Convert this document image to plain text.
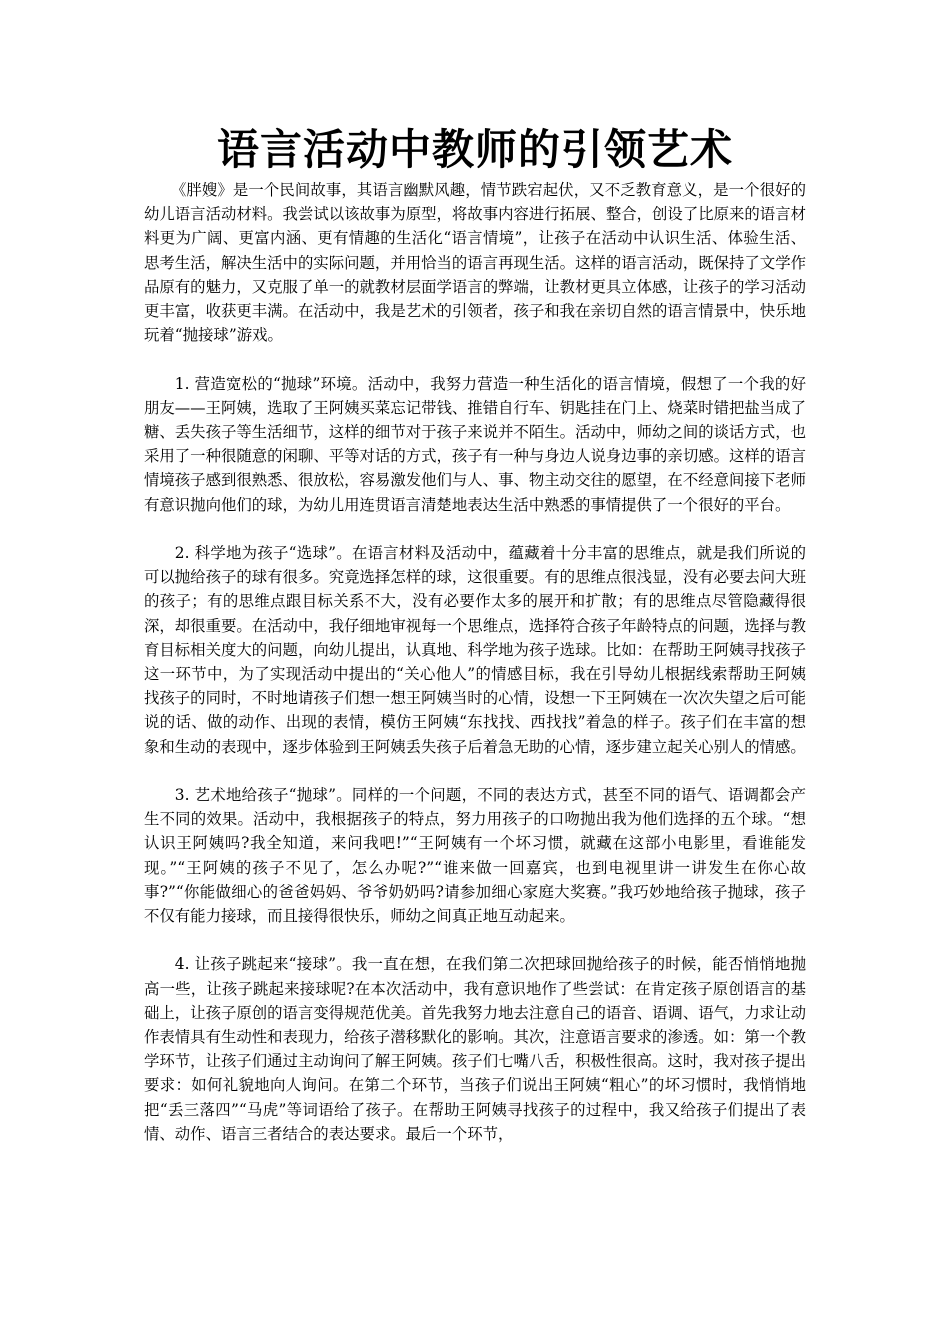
语言活动中教师的引领艺术

《胖嫂》是一个民间故事，其语言幽默风趣，情节跌宕起伏，又不乏教育意义，是一个很好的幼儿语言活动材料。我尝试以该故事为原型，将故事内容进行拓展、整合，创设了比原来的语言材料更为广阔、更富内涵、更有情趣的生活化“语言情境”，让孩子在活动中认识生活、体验生活、思考生活，解决生活中的实际问题，并用恰当的语言再现生活。这样的语言活动，既保持了文学作品原有的魅力，又克服了单一的就教材层面学语言的弊端，让教材更具立体感，让孩子的学习活动更丰富，收获更丰满。在活动中，我是艺术的引领者，孩子和我在亲切自然的语言情景中，快乐地玩着“抛接球”游戏。

1. 营造宽松的“抛球”环境。活动中，我努力营造一种生活化的语言情境，假想了一个我的好朋友——王阿姨，选取了王阿姨买菜忘记带钱、推错自行车、钥匙挂在门上、烧菜时错把盐当成了糖、丢失孩子等生活细节，这样的细节对于孩子来说并不陌生。活动中，师幼之间的谈话方式，也采用了一种很随意的闲聊、平等对话的方式，孩子有一种与身边人说身边事的亲切感。这样的语言情境孩子感到很熟悉、很放松，容易激发他们与人、事、物主动交往的愿望，在不经意间接下老师有意识抛向他们的球，为幼儿用连贯语言清楚地表达生活中熟悉的事情提供了一个很好的平台。

2. 科学地为孩子“选球”。在语言材料及活动中，蕴藏着十分丰富的思维点，就是我们所说的可以抛给孩子的球有很多。究竟选择怎样的球，这很重要。有的思维点很浅显，没有必要去问大班的孩子；有的思维点跟目标关系不大，没有必要作太多的展开和扩散；有的思维点尽管隐藏得很深，却很重要。在活动中，我仔细地审视每一个思维点，选择符合孩子年龄特点的问题，选择与教育目标相关度大的问题，向幼儿提出，认真地、科学地为孩子选球。比如：在帮助王阿姨寻找孩子这一环节中，为了实现活动中提出的“关心他人”的情感目标，我在引导幼儿根据线索帮助王阿姨找孩子的同时，不时地请孩子们想一想王阿姨当时的心情，设想一下王阿姨在一次次失望之后可能说的话、做的动作、出现的表情，模仿王阿姨“东找找、西找找”着急的样子。孩子们在丰富的想象和生动的表现中，逐步体验到王阿姨丢失孩子后着急无助的心情，逐步建立起关心别人的情感。

3. 艺术地给孩子“抛球”。同样的一个问题，不同的表达方式，甚至不同的语气、语调都会产生不同的效果。活动中，我根据孩子的特点，努力用孩子的口吻抛出我为他们选择的五个球。“想认识王阿姨吗?我全知道，来问我吧!”“王阿姨有一个坏习惯，就藏在这部小电影里，看谁能发现。”“王阿姨的孩子不见了，怎么办呢?”“谁来做一回嘉宾，也到电视里讲一讲发生在你心故事?”“你能做细心的爸爸妈妈、爷爷奶奶吗?请参加细心家庭大奖赛。”我巧妙地给孩子抛球，孩子不仅有能力接球，而且接得很快乐，师幼之间真正地互动起来。

4. 让孩子跳起来“接球”。我一直在想，在我们第二次把球回抛给孩子的时候，能否悄悄地抛高一些，让孩子跳起来接球呢?在本次活动中，我有意识地作了些尝试：在肯定孩子原创语言的基础上，让孩子原创的语言变得规范优美。首先我努力地去注意自己的语音、语调、语气，力求让动作表情具有生动性和表现力，给孩子潜移默化的影响。其次，注意语言要求的渗透。如：第一个教学环节，让孩子们通过主动询问了解王阿姨。孩子们七嘴八舌，积极性很高。这时，我对孩子提出要求：如何礼貌地向人询问。在第二个环节，当孩子们说出王阿姨“粗心”的坏习惯时，我悄悄地把“丢三落四”“马虎”等词语给了孩子。在帮助王阿姨寻找孩子的过程中，我又给孩子们提出了表情、动作、语言三者结合的表达要求。最后一个环节，
